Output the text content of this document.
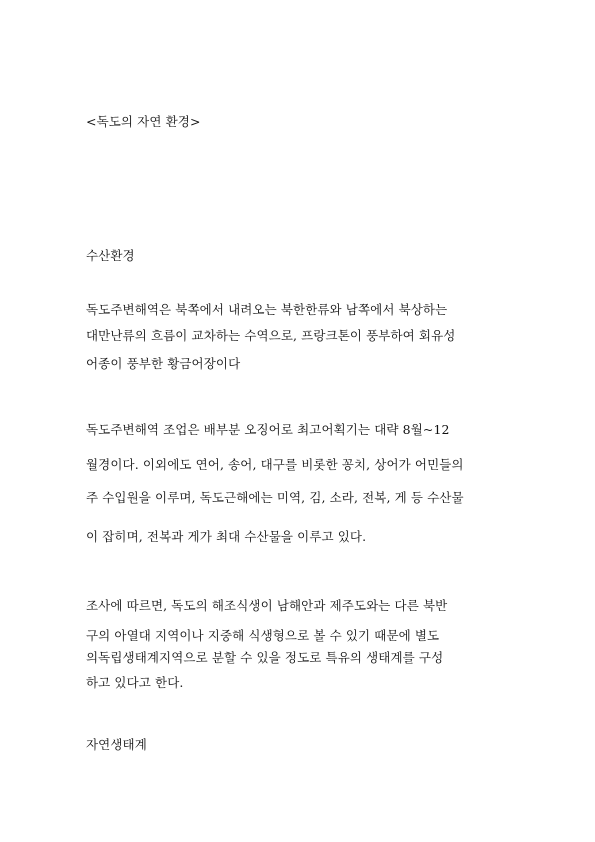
<독도의 자연 환경>
수산환경
독도주변해역은 북쪽에서 내려오는 북한한류와 남쪽에서 북상하는
대만난류의 흐름이 교차하는 수역으로, 프랑크톤이 풍부하여 회유성
어종이 풍부한 황금어장이다
독도주변해역 조업은 배부분 오징어로 최고어획기는 대략 8월~12
월경이다. 이외에도 연어, 송어, 대구를 비롯한 꽁치, 상어가 어민들의
주 수입원을 이루며, 독도근해에는 미역, 김, 소라, 전복, 게 등 수산물
이 잡히며, 전복과 게가 최대 수산물을 이루고 있다.
조사에 따르면, 독도의 해조식생이 남해안과 제주도와는 다른 북반
구의 아열대 지역이나 지중해 식생형으로 볼 수 있기 때문에 별도
의독립생태계지역으로 분할 수 있을 정도로 특유의 생태계를 구성
하고 있다고 한다.
자연생태계
